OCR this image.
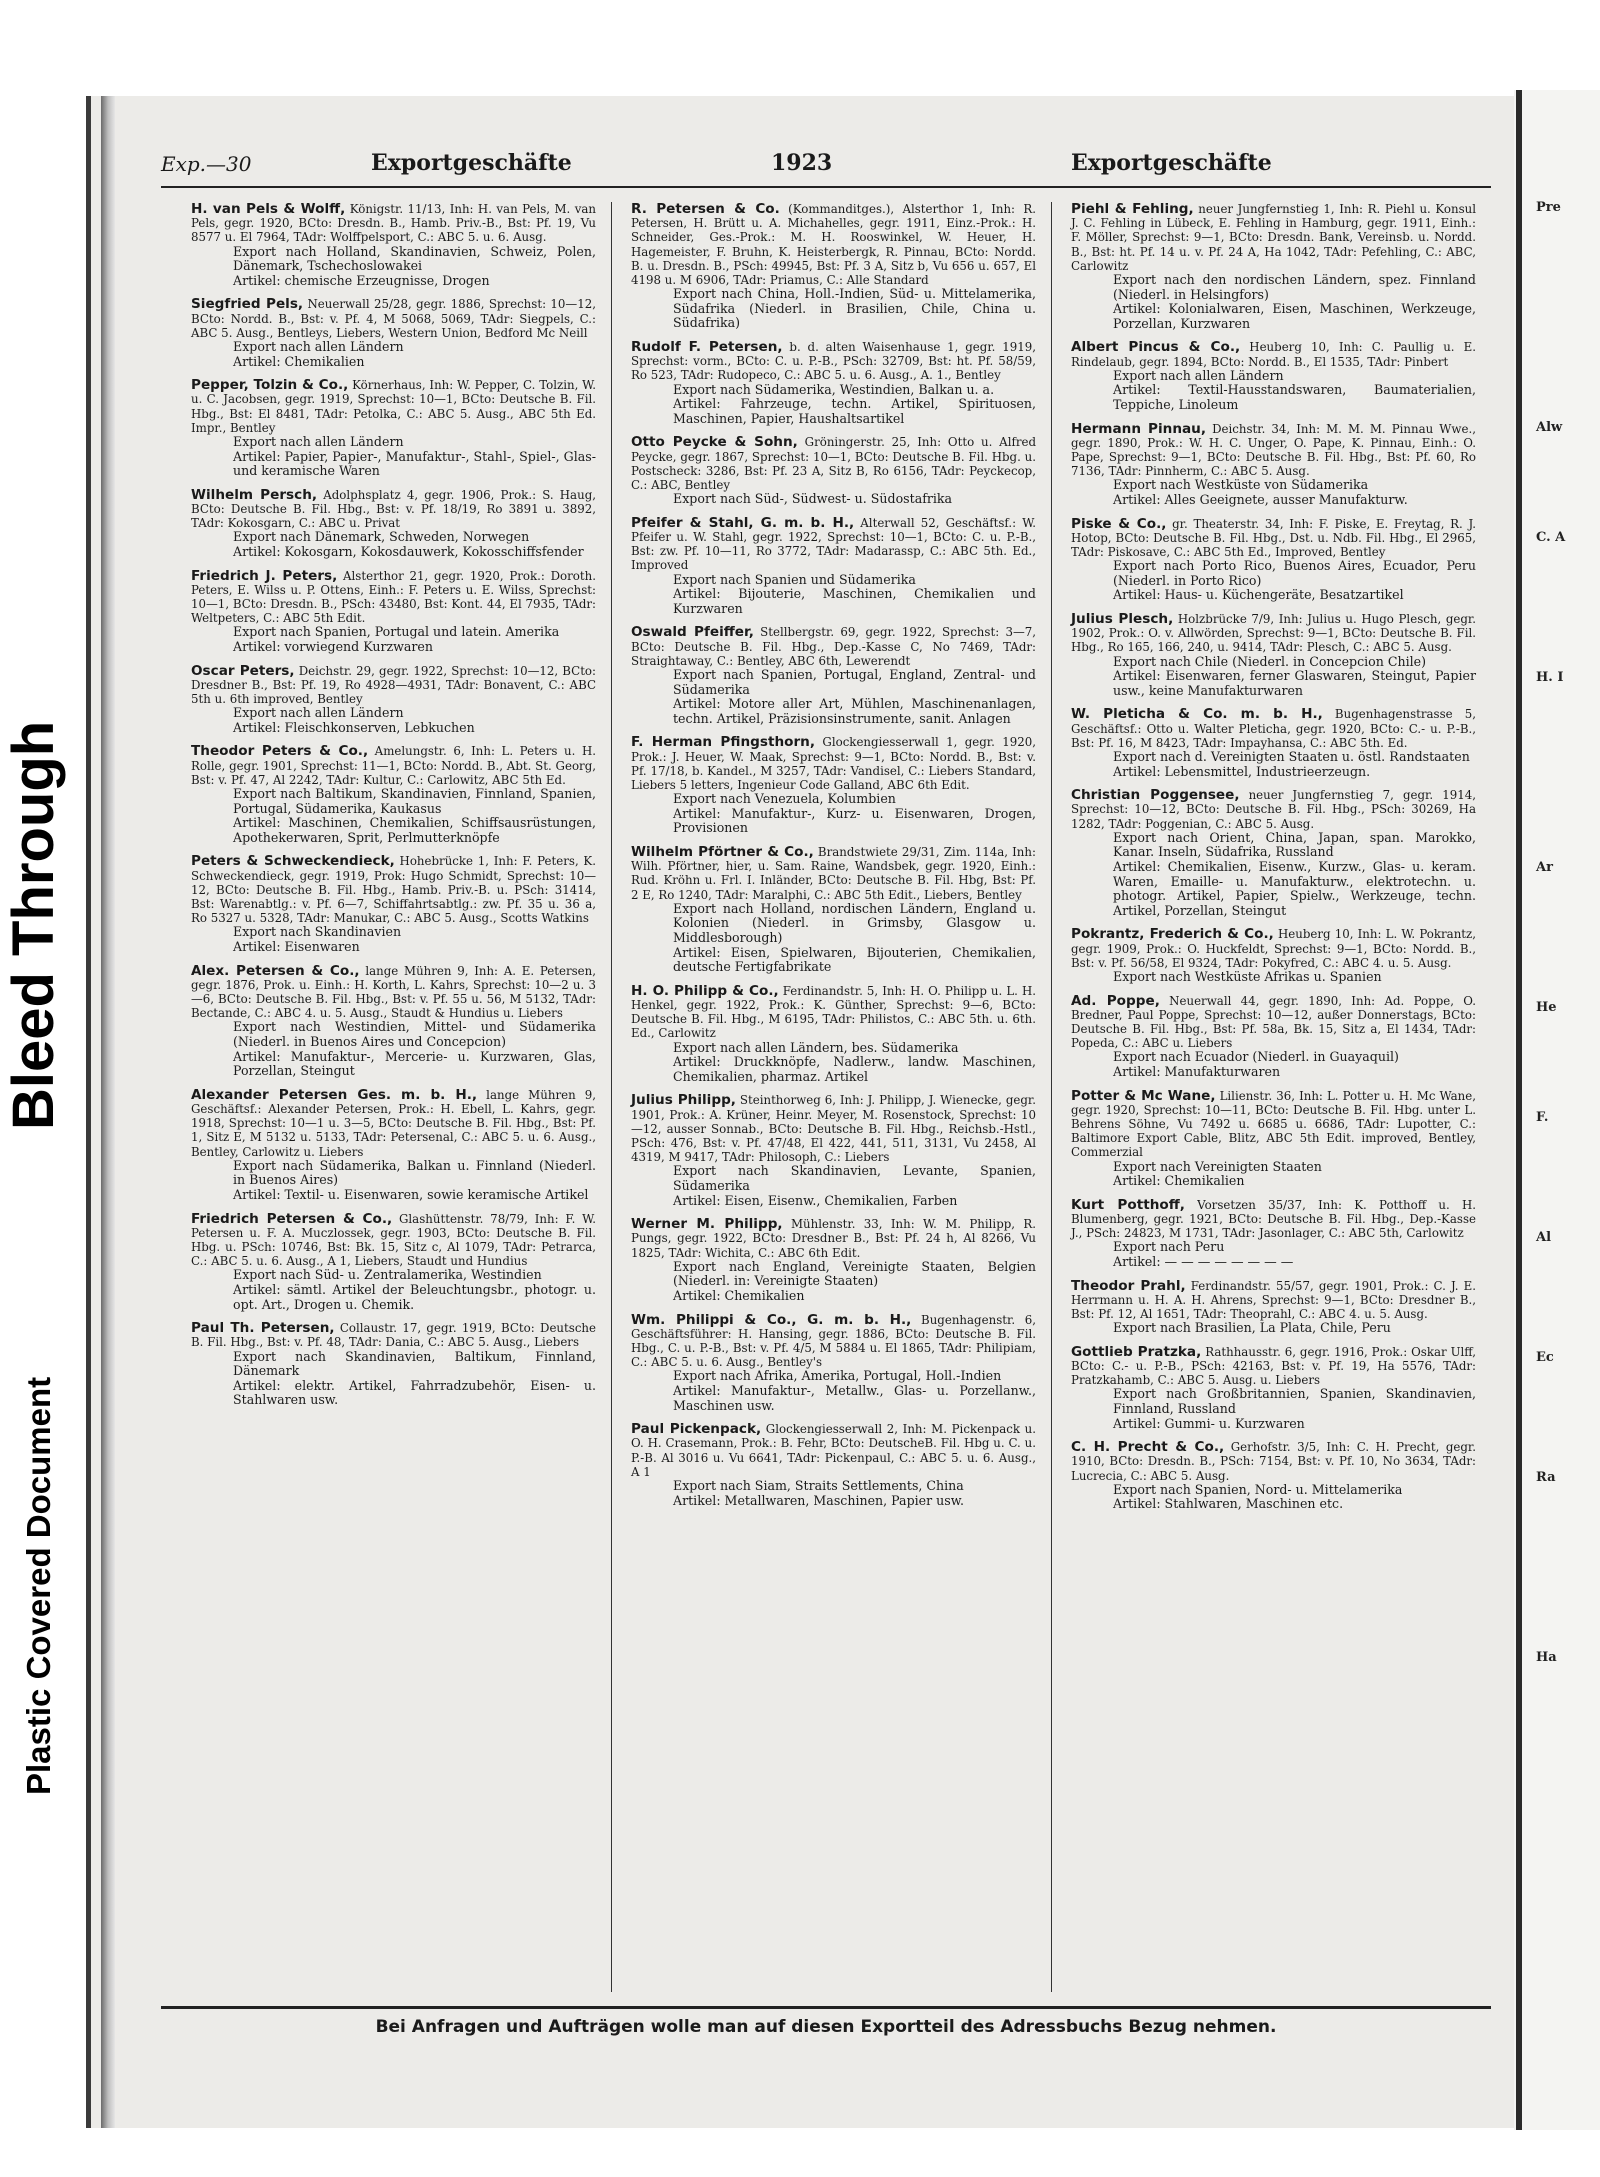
Bleed Through
Plastic Covered Document
Exp.—30	Exportgeschäfte	1923	Exportgeschäfte
H. van Pels & Wolff, Königstr. 11/13, Inh: H. van Pels, M. van Pels, gegr. 1920, BCto: Dresdn. B., Hamb. Priv.-B., Bst: Pf. 19, Vu 8577 u. El 7964, TAdr: Wolffpelsport, C.: ABC 5. u. 6. Ausg.
Export nach Holland, Skandinavien, Schweiz, Polen, Dänemark, Tschechoslowakei
Artikel: chemische Erzeugnisse, Drogen
Siegfried Pels, Neuerwall 25/28, gegr. 1886, Sprechst: 10—12, BCto: Nordd. B., Bst: v. Pf. 4, M 5068, 5069, TAdr: Siegpels, C.: ABC 5. Ausg., Bentleys, Liebers, Western Union, Bedford Mc Neill
Export nach allen Ländern
Artikel: Chemikalien
Pepper, Tolzin & Co., Körnerhaus, Inh: W. Pepper, C. Tolzin, W. u. C. Jacobsen, gegr. 1919, Sprechst: 10—1, BCto: Deutsche B. Fil. Hbg., Bst: El 8481, TAdr: Petolka, C.: ABC 5. Ausg., ABC 5th Ed. Impr., Bentley
Export nach allen Ländern
Artikel: Papier, Papier-, Manufaktur-, Stahl-, Spiel-, Glas- und keramische Waren
Wilhelm Persch, Adolphsplatz 4, gegr. 1906, Prok.: S. Haug, BCto: Deutsche B. Fil. Hbg., Bst: v. Pf. 18/19, Ro 3891 u. 3892, TAdr: Kokosgarn, C.: ABC u. Privat
Export nach Dänemark, Schweden, Norwegen
Artikel: Kokosgarn, Kokosdauwerk, Kokosschiffsfender
Friedrich J. Peters, Alsterthor 21, gegr. 1920, Prok.: Doroth. Peters, E. Wilss u. P. Ottens, Einh.: F. Peters u. E. Wilss, Sprechst: 10—1, BCto: Dresdn. B., PSch: 43480, Bst: Kont. 44, El 7935, TAdr: Weltpeters, C.: ABC 5th Edit.
Export nach Spanien, Portugal und latein. Amerika
Artikel: vorwiegend Kurzwaren
Oscar Peters, Deichstr. 29, gegr. 1922, Sprechst: 10—12, BCto: Dresdner B., Bst: Pf. 19, Ro 4928—4931, TAdr: Bonavent, C.: ABC 5th u. 6th improved, Bentley
Export nach allen Ländern
Artikel: Fleischkonserven, Lebkuchen
Theodor Peters & Co., Amelungstr. 6, Inh: L. Peters u. H. Rolle, gegr. 1901, Sprechst: 11—1, BCto: Nordd. B., Abt. St. Georg, Bst: v. Pf. 47, Al 2242, TAdr: Kultur, C.: Carlowitz, ABC 5th Ed.
Export nach Baltikum, Skandinavien, Finnland, Spanien, Portugal, Südamerika, Kaukasus
Artikel: Maschinen, Chemikalien, Schiffsausrüstungen, Apothekerwaren, Sprit, Perlmutterknöpfe
Peters & Schweckendieck, Hohebrücke 1, Inh: F. Peters, K. Schweckendieck, gegr. 1919, Prok: Hugo Schmidt, Sprechst: 10—12, BCto: Deutsche B. Fil. Hbg., Hamb. Priv.-B. u. PSch: 31414, Bst: Warenabtlg.: v. Pf. 6—7, Schiffahrtsabtlg.: zw. Pf. 35 u. 36 a, Ro 5327 u. 5328, TAdr: Manukar, C.: ABC 5. Ausg., Scotts Watkins
Export nach Skandinavien
Artikel: Eisenwaren
Alex. Petersen & Co., lange Mühren 9, Inh: A. E. Petersen, gegr. 1876, Prok. u. Einh.: H. Korth, L. Kahrs, Sprechst: 10—2 u. 3—6, BCto: Deutsche B. Fil. Hbg., Bst: v. Pf. 55 u. 56, M 5132, TAdr: Bectande, C.: ABC 4. u. 5. Ausg., Staudt & Hundius u. Liebers
Export nach Westindien, Mittel- und Südamerika (Niederl. in Buenos Aires und Concepcion)
Artikel: Manufaktur-, Mercerie- u. Kurzwaren, Glas, Porzellan, Steingut
Alexander Petersen Ges. m. b. H., lange Mühren 9, Geschäftsf.: Alexander Petersen, Prok.: H. Ebell, L. Kahrs, gegr. 1918, Sprechst: 10—1 u. 3—5, BCto: Deutsche B. Fil. Hbg., Bst: Pf. 1, Sitz E, M 5132 u. 5133, TAdr: Petersenal, C.: ABC 5. u. 6. Ausg., Bentley, Carlowitz u. Liebers
Export nach Südamerika, Balkan u. Finnland (Niederl. in Buenos Aires)
Artikel: Textil- u. Eisenwaren, sowie keramische Artikel
Friedrich Petersen & Co., Glashüttenstr. 78/79, Inh: F. W. Petersen u. F. A. Muczlossek, gegr. 1903, BCto: Deutsche B. Fil. Hbg. u. PSch: 10746, Bst: Bk. 15, Sitz c, Al 1079, TAdr: Petrarca, C.: ABC 5. u. 6. Ausg., A 1, Liebers, Staudt und Hundius
Export nach Süd- u. Zentralamerika, Westindien
Artikel: sämtl. Artikel der Beleuchtungsbr., photogr. u. opt. Art., Drogen u. Chemik.
Paul Th. Petersen, Collaustr. 17, gegr. 1919, BCto: Deutsche B. Fil. Hbg., Bst: v. Pf. 48, TAdr: Dania, C.: ABC 5. Ausg., Liebers
Export nach Skandinavien, Baltikum, Finnland, Dänemark
Artikel: elektr. Artikel, Fahrradzubehör, Eisen- u. Stahlwaren usw.
R. Petersen & Co. (Kommanditges.), Alsterthor 1, Inh: R. Petersen, H. Brütt u. A. Michahelles, gegr. 1911, Einz.-Prok.: H. Schneider, Ges.-Prok.: M. H. Rooswinkel, W. Heuer, H. Hagemeister, F. Bruhn, K. Heisterbergk, R. Pinnau, BCto: Nordd. B. u. Dresdn. B., PSch: 49945, Bst: Pf. 3 A, Sitz b, Vu 656 u. 657, El 4198 u. M 6906, TAdr: Priamus, C.: Alle Standard
Export nach China, Holl.-Indien, Süd- u. Mittelamerika, Südafrika (Niederl. in Brasilien, Chile, China u. Südafrika)
Rudolf F. Petersen, b. d. alten Waisenhause 1, gegr. 1919, Sprechst: vorm., BCto: C. u. P.-B., PSch: 32709, Bst: ht. Pf. 58/59, Ro 523, TAdr: Rudopeco, C.: ABC 5. u. 6. Ausg., A. 1., Bentley
Export nach Südamerika, Westindien, Balkan u. a.
Artikel: Fahrzeuge, techn. Artikel, Spirituosen, Maschinen, Papier, Haushaltsartikel
Otto Peycke & Sohn, Gröningerstr. 25, Inh: Otto u. Alfred Peycke, gegr. 1867, Sprechst: 10—1, BCto: Deutsche B. Fil. Hbg. u. Postscheck: 3286, Bst: Pf. 23 A, Sitz B, Ro 6156, TAdr: Peyckecop, C.: ABC, Bentley
Export nach Süd-, Südwest- u. Südostafrika
Pfeifer & Stahl, G. m. b. H., Alterwall 52, Geschäftsf.: W. Pfeifer u. W. Stahl, gegr. 1922, Sprechst: 10—1, BCto: C. u. P.-B., Bst: zw. Pf. 10—11, Ro 3772, TAdr: Madarassp, C.: ABC 5th. Ed., Improved
Export nach Spanien und Südamerika
Artikel: Bijouterie, Maschinen, Chemikalien und Kurzwaren
Oswald Pfeiffer, Stellbergstr. 69, gegr. 1922, Sprechst: 3—7, BCto: Deutsche B. Fil. Hbg., Dep.-Kasse C, No 7469, TAdr: Straightaway, C.: Bentley, ABC 6th, Lewerendt
Export nach Spanien, Portugal, England, Zentral- und Südamerika
Artikel: Motore aller Art, Mühlen, Maschinenanlagen, techn. Artikel, Präzisionsinstrumente, sanit. Anlagen
F. Herman Pfingsthorn, Glockengiesserwall 1, gegr. 1920, Prok.: J. Heuer, W. Maak, Sprechst: 9—1, BCto: Nordd. B., Bst: v. Pf. 17/18, b. Kandel., M 3257, TAdr: Vandisel, C.: Liebers Standard, Liebers 5 letters, Ingenieur Code Galland, ABC 6th Edit.
Export nach Venezuela, Kolumbien
Artikel: Manufaktur-, Kurz- u. Eisenwaren, Drogen, Provisionen
Wilhelm Pförtner & Co., Brandstwiete 29/31, Zim. 114a, Inh: Wilh. Pförtner, hier, u. Sam. Raine, Wandsbek, gegr. 1920, Einh.: Rud. Kröhn u. Frl. I. Inländer, BCto: Deutsche B. Fil. Hbg, Bst: Pf. 2 E, Ro 1240, TAdr: Maralphi, C.: ABC 5th Edit., Liebers, Bentley
Export nach Holland, nordischen Ländern, England u. Kolonien (Niederl. in Grimsby, Glasgow u. Middlesborough)
Artikel: Eisen, Spielwaren, Bijouterien, Chemikalien, deutsche Fertigfabrikate
H. O. Philipp & Co., Ferdinandstr. 5, Inh: H. O. Philipp u. L. H. Henkel, gegr. 1922, Prok.: K. Günther, Sprechst: 9—6, BCto: Deutsche B. Fil. Hbg., M 6195, TAdr: Philistos, C.: ABC 5th. u. 6th. Ed., Carlowitz
Export nach allen Ländern, bes. Südamerika
Artikel: Druckknöpfe, Nadlerw., landw. Maschinen, Chemikalien, pharmaz. Artikel
Julius Philipp, Steinthorweg 6, Inh: J. Philipp, J. Wienecke, gegr. 1901, Prok.: A. Krüner, Heinr. Meyer, M. Rosenstock, Sprechst: 10—12, ausser Sonnab., BCto: Deutsche B. Fil. Hbg., Reichsb.-Hstl., PSch: 476, Bst: v. Pf. 47/48, El 422, 441, 511, 3131, Vu 2458, Al 4319, M 9417, TAdr: Philosoph, C.: Liebers
Export nach Skandinavien, Levante, Spanien, Südamerika
Artikel: Eisen, Eisenw., Chemikalien, Farben
Werner M. Philipp, Mühlenstr. 33, Inh: W. M. Philipp, R. Pungs, gegr. 1922, BCto: Dresdner B., Bst: Pf. 24 h, Al 8266, Vu 1825, TAdr: Wichita, C.: ABC 6th Edit.
Export nach England, Vereinigte Staaten, Belgien (Niederl. in: Vereinigte Staaten)
Artikel: Chemikalien
Wm. Philippi & Co., G. m. b. H., Bugenhagenstr. 6, Geschäftsführer: H. Hansing, gegr. 1886, BCto: Deutsche B. Fil. Hbg., C. u. P.-B., Bst: v. Pf. 4/5, M 5884 u. El 1865, TAdr: Philipiam, C.: ABC 5. u. 6. Ausg., Bentley's
Export nach Afrika, Amerika, Portugal, Holl.-Indien
Artikel: Manufaktur-, Metallw., Glas- u. Porzellanw., Maschinen usw.
Paul Pickenpack, Glockengiesserwall 2, Inh: M. Pickenpack u. O. H. Crasemann, Prok.: B. Fehr, BCto: DeutscheB. Fil. Hbg u. C. u. P.-B. Al 3016 u. Vu 6641, TAdr: Pickenpaul, C.: ABC 5. u. 6. Ausg., A 1
Export nach Siam, Straits Settlements, China
Artikel: Metallwaren, Maschinen, Papier usw.
Piehl & Fehling, neuer Jungfernstieg 1, Inh: R. Piehl u. Konsul J. C. Fehling in Lübeck, E. Fehling in Hamburg, gegr. 1911, Einh.: F. Möller, Sprechst: 9—1, BCto: Dresdn. Bank, Vereinsb. u. Nordd. B., Bst: ht. Pf. 14 u. v. Pf. 24 A, Ha 1042, TAdr: Pefehling, C.: ABC, Carlowitz
Export nach den nordischen Ländern, spez. Finnland (Niederl. in Helsingfors)
Artikel: Kolonialwaren, Eisen, Maschinen, Werkzeuge, Porzellan, Kurzwaren
Albert Pincus & Co., Heuberg 10, Inh: C. Paullig u. E. Rindelaub, gegr. 1894, BCto: Nordd. B., El 1535, TAdr: Pinbert
Export nach allen Ländern
Artikel: Textil-Hausstandswaren, Baumaterialien, Teppiche, Linoleum
Hermann Pinnau, Deichstr. 34, Inh: M. M. M. Pinnau Wwe., gegr. 1890, Prok.: W. H. C. Unger, O. Pape, K. Pinnau, Einh.: O. Pape, Sprechst: 9—1, BCto: Deutsche B. Fil. Hbg., Bst: Pf. 60, Ro 7136, TAdr: Pinnherm, C.: ABC 5. Ausg.
Export nach Westküste von Südamerika
Artikel: Alles Geeignete, ausser Manufakturw.
Piske & Co., gr. Theaterstr. 34, Inh: F. Piske, E. Freytag, R. J. Hotop, BCto: Deutsche B. Fil. Hbg., Dst. u. Ndb. Fil. Hbg., El 2965, TAdr: Piskosave, C.: ABC 5th Ed., Improved, Bentley
Export nach Porto Rico, Buenos Aires, Ecuador, Peru (Niederl. in Porto Rico)
Artikel: Haus- u. Küchengeräte, Besatzartikel
Julius Plesch, Holzbrücke 7/9, Inh: Julius u. Hugo Plesch, gegr. 1902, Prok.: O. v. Allwörden, Sprechst: 9—1, BCto: Deutsche B. Fil. Hbg., Ro 165, 166, 240, u. 9414, TAdr: Plesch, C.: ABC 5. Ausg.
Export nach Chile (Niederl. in Concepcion Chile)
Artikel: Eisenwaren, ferner Glaswaren, Steingut, Papier usw., keine Manufakturwaren
W. Pleticha & Co. m. b. H., Bugenhagenstrasse 5, Geschäftsf.: Otto u. Walter Pleticha, gegr. 1920, BCto: C.- u. P.-B., Bst: Pf. 16, M 8423, TAdr: Impayhansa, C.: ABC 5th. Ed.
Export nach d. Vereinigten Staaten u. östl. Randstaaten
Artikel: Lebensmittel, Industrieerzeugn.
Christian Poggensee, neuer Jungfernstieg 7, gegr. 1914, Sprechst: 10—12, BCto: Deutsche B. Fil. Hbg., PSch: 30269, Ha 1282, TAdr: Poggenian, C.: ABC 5. Ausg.
Export nach Orient, China, Japan, span. Marokko, Kanar. Inseln, Südafrika, Russland
Artikel: Chemikalien, Eisenw., Kurzw., Glas- u. keram. Waren, Emaille- u. Manufakturw., elektrotechn. u. photogr. Artikel, Papier, Spielw., Werkzeuge, techn. Artikel, Porzellan, Steingut
Pokrantz, Frederich & Co., Heuberg 10, Inh: L. W. Pokrantz, gegr. 1909, Prok.: O. Huckfeldt, Sprechst: 9—1, BCto: Nordd. B., Bst: v. Pf. 56/58, El 9324, TAdr: Pokyfred, C.: ABC 4. u. 5. Ausg.
Export nach Westküste Afrikas u. Spanien
Ad. Poppe, Neuerwall 44, gegr. 1890, Inh: Ad. Poppe, O. Bredner, Paul Poppe, Sprechst: 10—12, außer Donnerstags, BCto: Deutsche B. Fil. Hbg., Bst: Pf. 58a, Bk. 15, Sitz a, El 1434, TAdr: Popeda, C.: ABC u. Liebers
Export nach Ecuador (Niederl. in Guayaquil)
Artikel: Manufakturwaren
Potter & Mc Wane, Lilienstr. 36, Inh: L. Potter u. H. Mc Wane, gegr. 1920, Sprechst: 10—11, BCto: Deutsche B. Fil. Hbg. unter L. Behrens Söhne, Vu 7492 u. 6685 u. 6686, TAdr: Lupotter, C.: Baltimore Export Cable, Blitz, ABC 5th Edit. improved, Bentley, Commerzial
Export nach Vereinigten Staaten
Artikel: Chemikalien
Kurt Potthoff, Vorsetzen 35/37, Inh: K. Potthoff u. H. Blumenberg, gegr. 1921, BCto: Deutsche B. Fil. Hbg., Dep.-Kasse J., PSch: 24823, M 1731, TAdr: Jasonlager, C.: ABC 5th, Carlowitz
Export nach Peru
Artikel: — — — — — — — —
Theodor Prahl, Ferdinandstr. 55/57, gegr. 1901, Prok.: C. J. E. Herrmann u. H. A. H. Ahrens, Sprechst: 9—1, BCto: Dresdner B., Bst: Pf. 12, Al 1651, TAdr: Theoprahl, C.: ABC 4. u. 5. Ausg.
Export nach Brasilien, La Plata, Chile, Peru
Gottlieb Pratzka, Rathhausstr. 6, gegr. 1916, Prok.: Oskar Ulff, BCto: C.- u. P.-B., PSch: 42163, Bst: v. Pf. 19, Ha 5576, TAdr: Pratzkahamb, C.: ABC 5. Ausg. u. Liebers
Export nach Großbritannien, Spanien, Skandinavien, Finnland, Russland
Artikel: Gummi- u. Kurzwaren
C. H. Precht & Co., Gerhofstr. 3/5, Inh: C. H. Precht, gegr. 1910, BCto: Dresdn. B., PSch: 7154, Bst: v. Pf. 10, No 3634, TAdr: Lucrecia, C.: ABC 5. Ausg.
Export nach Spanien, Nord- u. Mittelamerika
Artikel: Stahlwaren, Maschinen etc.
Bei Anfragen und Aufträgen wolle man auf diesen Exportteil des Adressbuchs Bezug nehmen.
Pre
Alw
C. A
H. I
Ar
He
F.
Al
Ec
Ra
Ha
